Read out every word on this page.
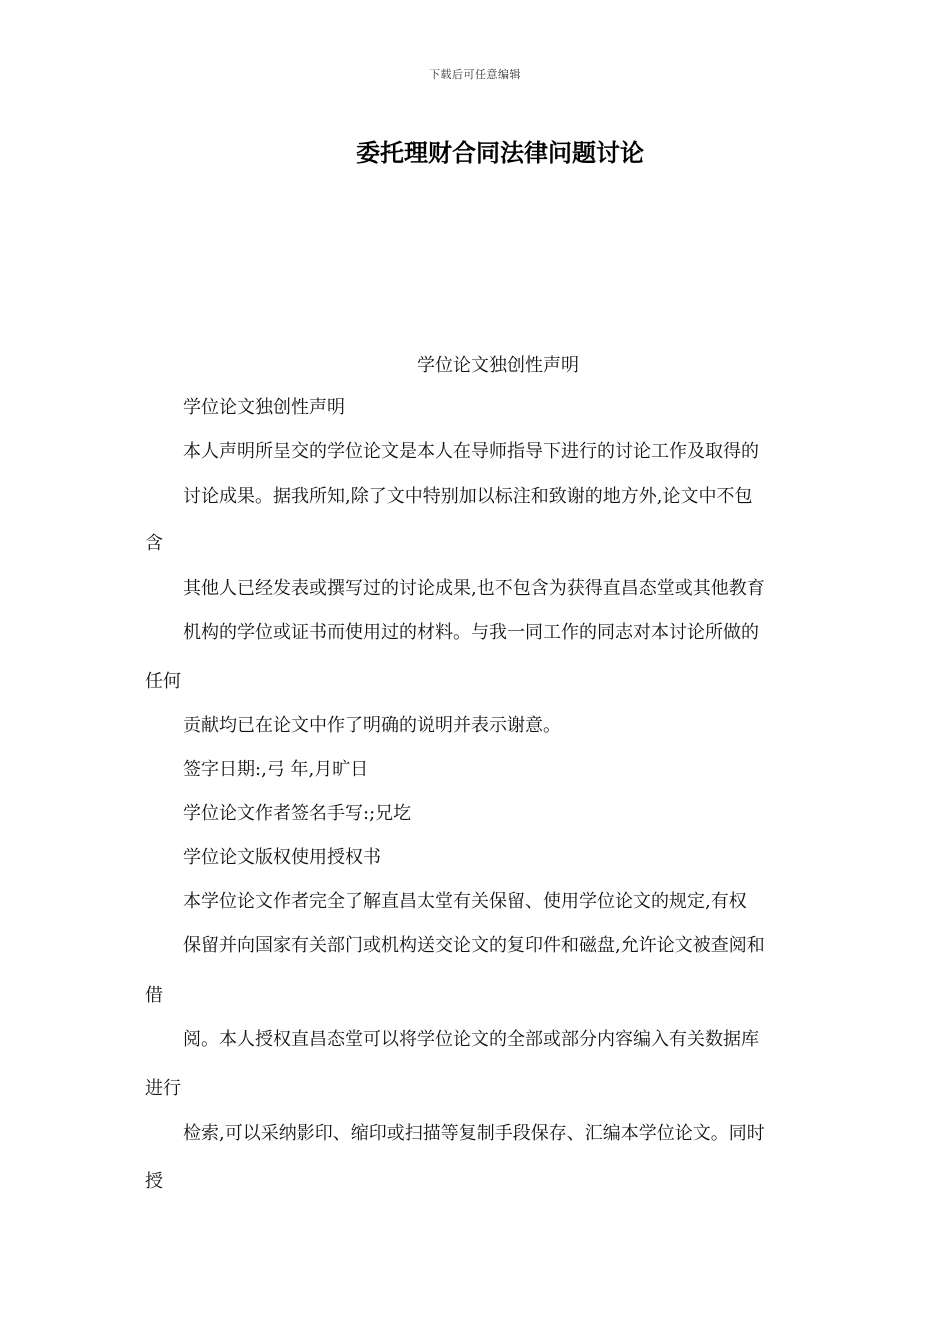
下载后可任意编辑
委托理财合同法律问题讨论
学位论文独创性声明
学位论文独创性声明
本人声明所呈交的学位论文是本人在导师指导下进行的讨论工作及取得的
讨论成果。据我所知,除了文中特别加以标注和致谢的地方外,论文中不包
含
其他人已经发表或撰写过的讨论成果,也不包含为获得直昌态堂或其他教育
机构的学位或证书而使用过的材料。与我一同工作的同志对本讨论所做的
任何
贡献均已在论文中作了明确的说明并表示谢意。
签字日期:,弓 年,月旷日
学位论文作者签名手写:;兄圪
学位论文版权使用授权书
本学位论文作者完全了解直昌太堂有关保留、使用学位论文的规定,有权
保留并向国家有关部门或机构送交论文的复印件和磁盘,允许论文被查阅和
借
阅。本人授权直昌态堂可以将学位论文的全部或部分内容编入有关数据库
进行
检索,可以采纳影印、缩印或扫描等复制手段保存、汇编本学位论文。同时
授
